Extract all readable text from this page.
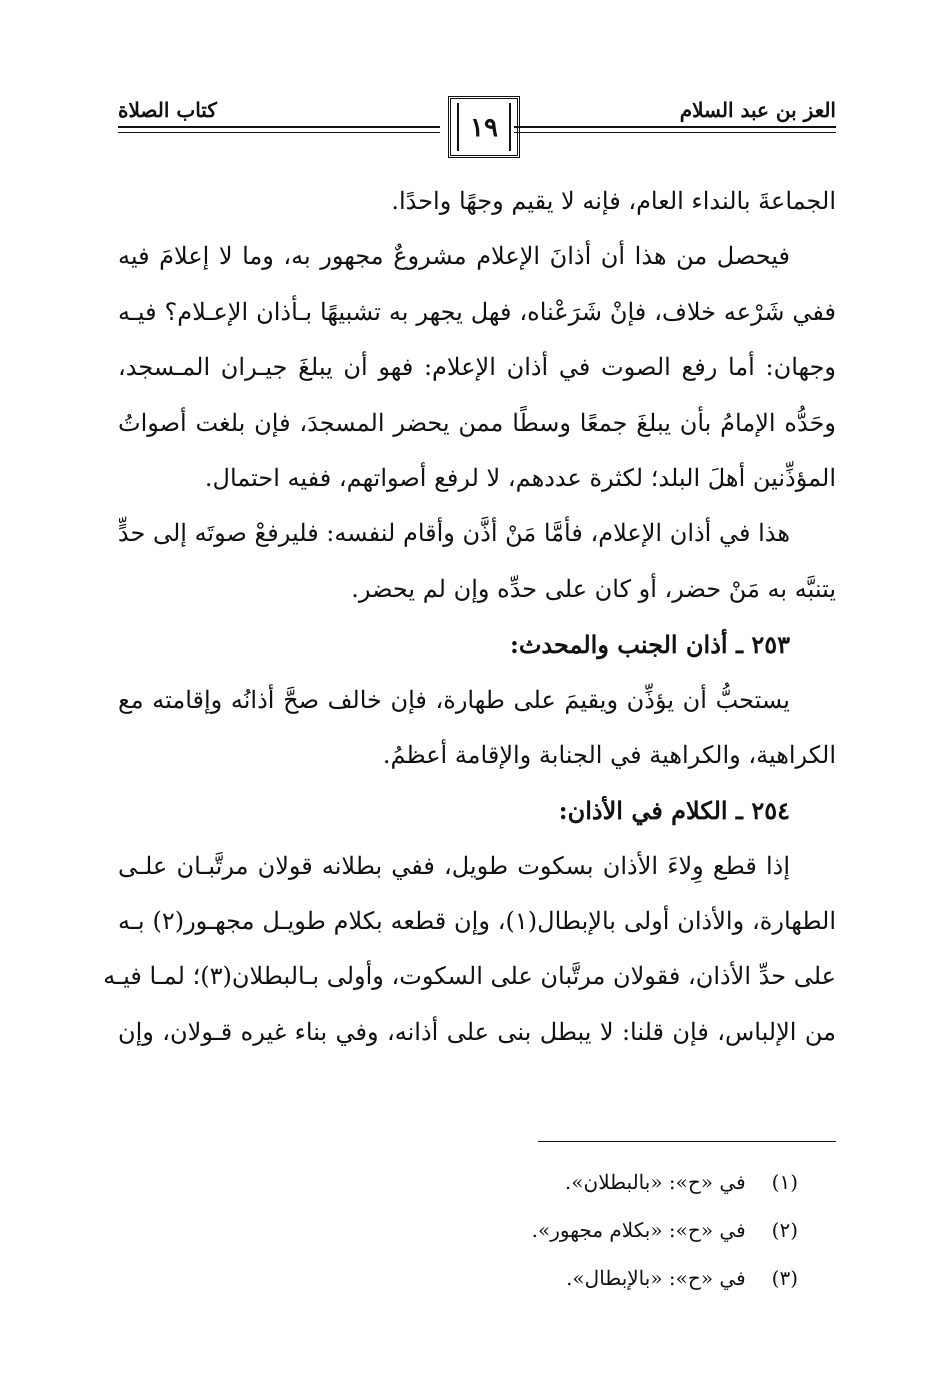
العز بن عبد السلام
كتاب الصلاة
١٩
الجماعةَ بالنداء العام، فإنه لا يقيم وجهًا واحدًا.
فيحصل من هذا أن أذانَ الإعلام مشروعٌ مجهور به، وما لا إعلامَ فيه
ففي شَرْعه خلاف، فإنْ شَرَعْناه، فهل يجهر به تشبيهًا بـأذان الإعـلام؟ فيـه
وجهان: أما رفع الصوت في أذان الإعلام: فهو أن يبلغَ جيـران المـسجد،
وحَدُّه الإمامُ بأن يبلغَ جمعًا وسطًا ممن يحضر المسجدَ، فإن بلغت أصواتُ
المؤذِّنين أهلَ البلد؛ لكثرة عددهم، لا لرفع أصواتهم، ففيه احتمال.
هذا في أذان الإعلام، فأمَّا مَنْ أذَّن وأقام لنفسه: فليرفعْ صوتَه إلى حدٍّ
يتنبَّه به مَنْ حضر، أو كان على حدِّه وإن لم يحضر.
٢٥٣ ـ أذان الجنب والمحدث:
يستحبُّ أن يؤذِّن ويقيمَ على طهارة، فإن خالف صحَّ أذانُه وإقامته مع
الكراهية، والكراهية في الجنابة والإقامة أعظمُ.
٢٥٤ ـ الكلام في الأذان:
إذا قطع وِلاءَ الأذان بسكوت طويل، ففي بطلانه قولان مرتَّبـان علـى
الطهارة، والأذان أولى بالإبطال(١)، وإن قطعه بكلام طويـل مجهـور(٢) بـه
على حدِّ الأذان، فقولان مرتَّبان على السكوت، وأولى بـالبطلان(٣)؛ لمـا فيـه
من الإلباس، فإن قلنا: لا يبطل بنى على أذانه، وفي بناء غيره قـولان، وإن
(١) في «ح»: «بالبطلان».
(٢) في «ح»: «بكلام مجهور».
(٣) في «ح»: «بالإبطال».
